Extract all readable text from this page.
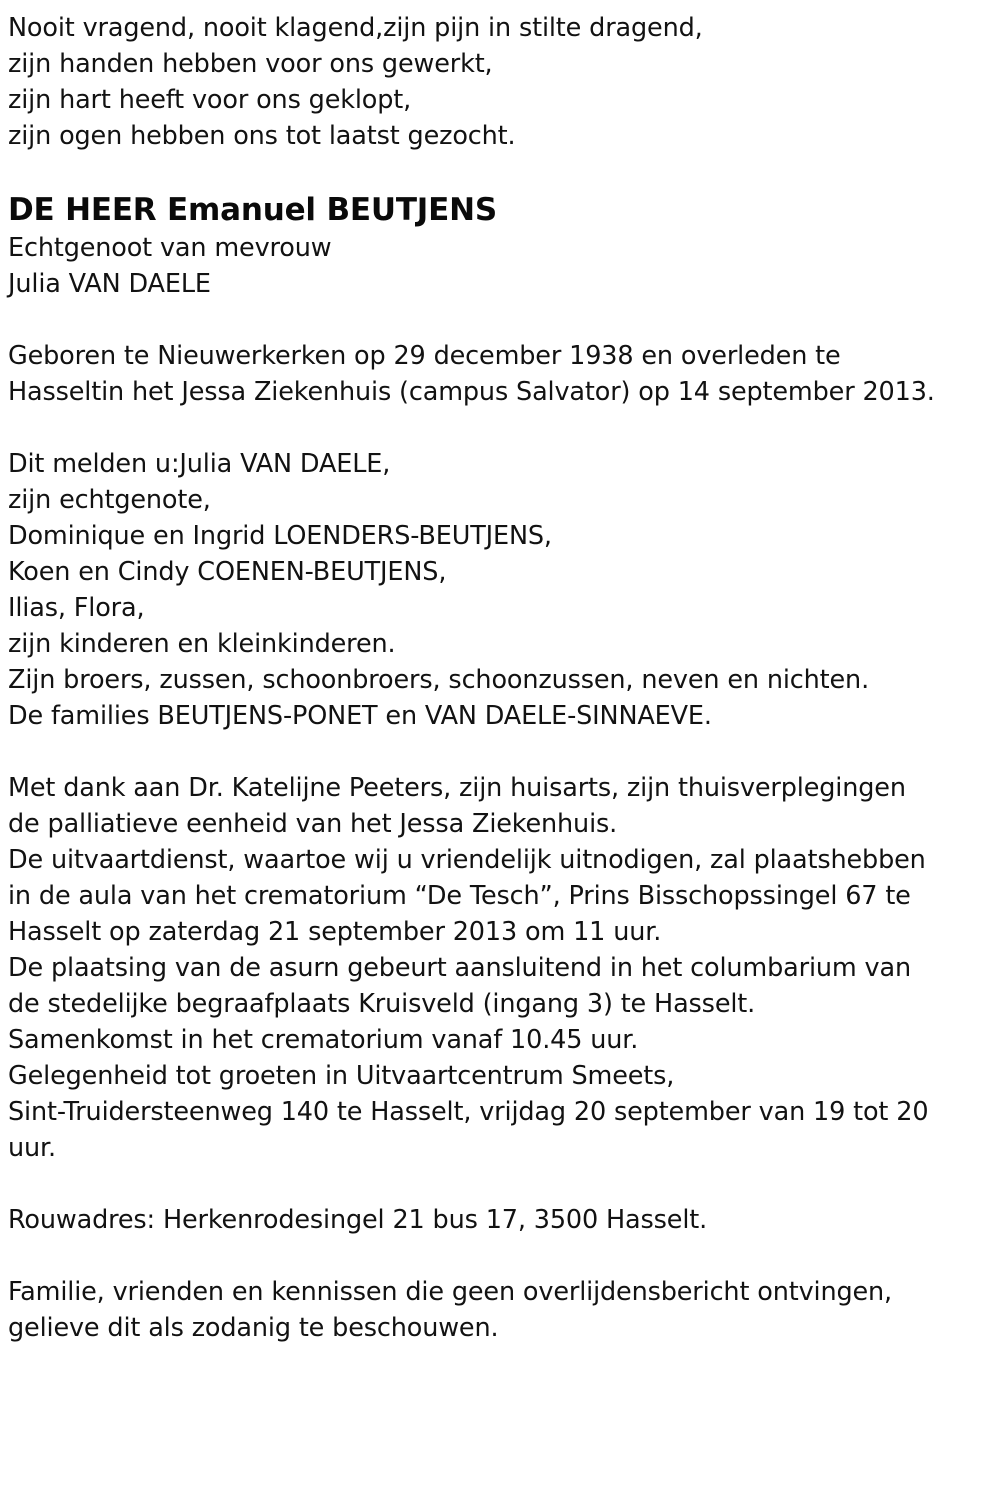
Nooit vragend, nooit klagend,zijn pijn in stilte dragend,
zijn handen hebben voor ons gewerkt,
zijn hart heeft voor ons geklopt,
zijn ogen hebben ons tot laatst gezocht.
DE HEER Emanuel BEUTJENS
Echtgenoot van mevrouw
Julia VAN DAELE
Geboren te Nieuwerkerken op 29 december 1938 en overleden te
Hasseltin het Jessa Ziekenhuis (campus Salvator) op 14 september 2013.
Dit melden u:Julia VAN DAELE,
zijn echtgenote,
Dominique en Ingrid LOENDERS-BEUTJENS,
Koen en Cindy COENEN-BEUTJENS,
Ilias, Flora,
zijn kinderen en kleinkinderen.
Zijn broers, zussen, schoonbroers, schoonzussen, neven en nichten.
De families BEUTJENS-PONET en VAN DAELE-SINNAEVE.
Met dank aan Dr. Katelijne Peeters, zijn huisarts, zijn thuisverplegingen
de palliatieve eenheid van het Jessa Ziekenhuis.
De uitvaartdienst, waartoe wij u vriendelijk uitnodigen, zal plaatshebben
in de aula van het crematorium “De Tesch”, Prins Bisschopssingel 67 te
Hasselt op zaterdag 21 september 2013 om 11 uur.
De plaatsing van de asurn gebeurt aansluitend in het columbarium van
de stedelijke begraafplaats Kruisveld (ingang 3) te Hasselt.
Samenkomst in het crematorium vanaf 10.45 uur.
Gelegenheid tot groeten in Uitvaartcentrum Smeets,
Sint-Truidersteenweg 140 te Hasselt, vrijdag 20 september van 19 tot 20
uur.
Rouwadres: Herkenrodesingel 21 bus 17, 3500 Hasselt.
Familie, vrienden en kennissen die geen overlijdensbericht ontvingen,
gelieve dit als zodanig te beschouwen.
